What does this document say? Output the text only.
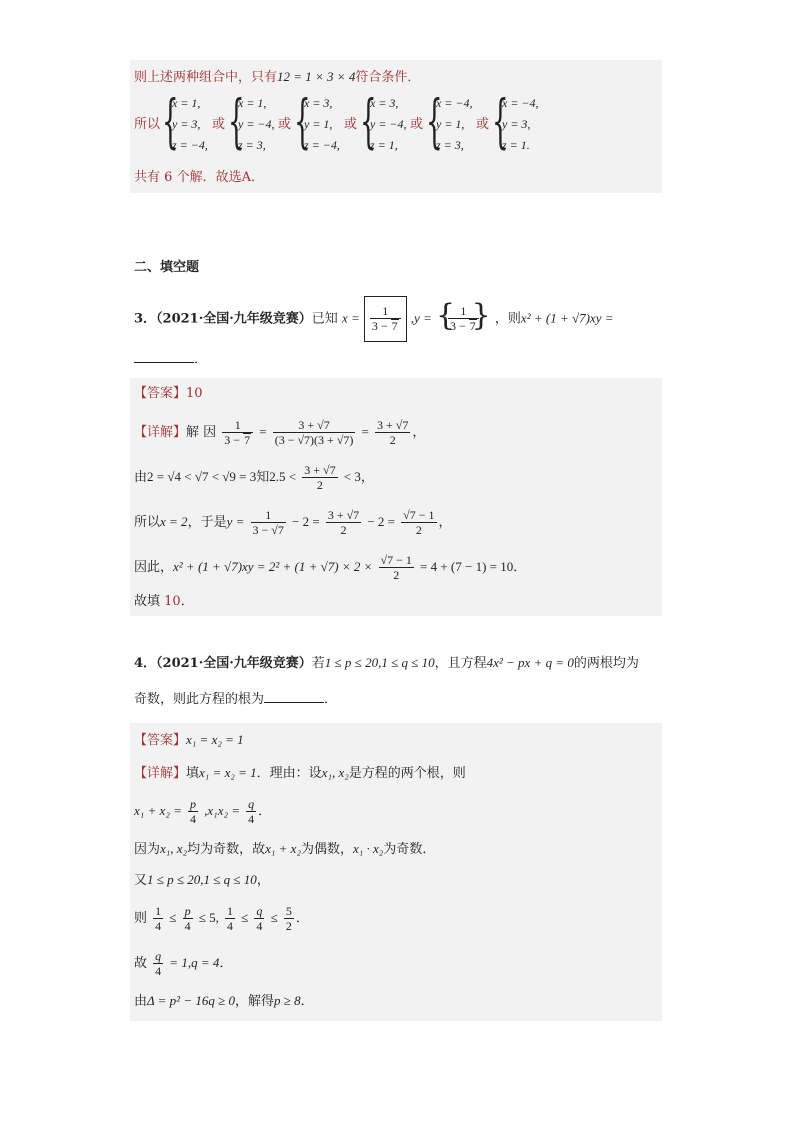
则上述两种组合中，只有12 = 1 × 3 × 4符合条件．
所以 {
x = 1,
y = 3,
z = −4,
或 {
x = 1,
y = −4,
z = 3,
或 {
x = 3,
y = 1,
z = −4,
或 {
x = 3,
y = −4,
z = 1,
或 {
x = −4,
y = 1,
z = 3,
或 {
x = −4,
y = 3,
z = 1.
共有 6 个解．故选A．
二、填空题
3．（2021·全国·九年级竞赛）已知 $x = \frac{1}{3 - 7} ,y$ =
{ $\frac{1}{3 - 7}$
} ，则x² + (1 + √7)xy =
．
【答案】10
【详解】解 因 $\frac{1}{3 - 7} = \frac{3 + √7}{(3 - √7)(3 + √7)} = \frac{3 + √7}{2}$ ，
由2 = √4 < √7 < √9 = 3知$2.5 < \frac{3 + √7}{2} < 3$，
所以x = 2，于是$y = \frac{1}{3 - √7} - 2 = \frac{3 + √7}{2} - 2 = \frac{√7 - 1}{2}$ ，
因此，$x^2 + (1 + √7)xy = 2^2 + (1 + √7) \times 2 \times \frac{√7 - 1}{2} = 4 + (7 - 1) = 10$．
故填 10．
4．（2021·全国·九年级竞赛）若1 ≤ p ≤ 20,1 ≤ q ≤ 10，且方程4x² − px + q = 0的两根均为
奇数，则此方程的根为	．
【答案】x₁ = x₂ = 1
【详解】填x₁ = x₂ = 1．理由：设x₁, x₂是方程的两个根，则
$x_1 + x_2 = \frac{p}{4} ,x_1x_2 = \frac{q}{4}$ ．
因为x₁, x₂均为奇数，故x₁ + x₂为偶数，x₁ · x₂为奇数．
又1 ≤ p ≤ 20,1 ≤ q ≤ 10，
则 $\frac{1}{4} \le \frac{p}{4} \le 5$, $\frac{1}{4} \le \frac{q}{4} \le \frac{5}{2}$ ．
故 $\frac{q}{4} = 1,q = 4$．
由Δ = p² − 16q ≥ 0，解得p ≥ 8．
